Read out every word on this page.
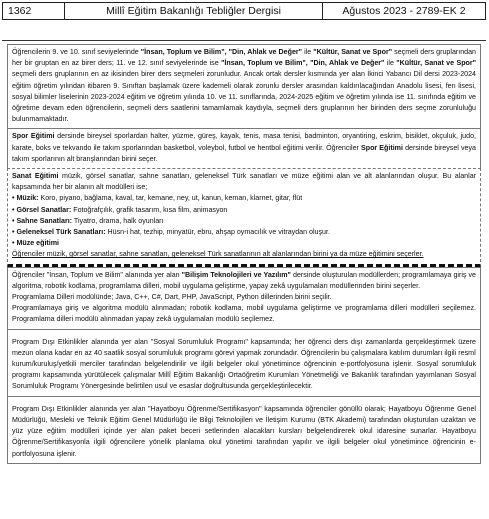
1362	Millî Eğitim Bakanlığı Tebliğler Dergisi	Ağustos 2023 - 2789-EK 2

Öğrencilerin 9. ve 10. sınıf seviyelerinde "İnsan, Toplum ve Bilim", "Din, Ahlak ve Değer" ile "Kültür, Sanat ve Spor" seçmeli ders gruplarından her bir gruptan en az birer ders; 11. ve 12. sınıf seviyelerinde ise "İnsan, Toplum ve Bilim", "Din, Ahlak ve Değer" ile "Kültür, Sanat ve Spor" seçmeli ders gruplarının en az ikisinden birer ders seçmeleri zorunludur. Ancak ortak dersler kısmında yer alan İkinci Yabancı Dil dersi 2023-2024 eğitim öğretim yılından itibaren 9. Sınıftan başlamak üzere kademeli olarak zorunlu dersler arasından kaldırılacağından Anadolu lisesi, fen lisesi, sosyal bilimler liselerinin 2023-2024 eğitim ve öğretim yılında 10. ve 11. sınıflarında, 2024-2025 eğitim ve öğretim yılında ise 11. sınıfında eğitim ve öğretime devam eden öğrencilerin, seçmeli ders saatlerini tamamlamak kaydıyla, seçmeli ders gruplarının her birinden ders seçme zorunluluğu bulunmamaktadır.

Spor Eğitimi dersinde bireysel sporlardan halter, yüzme, güreş, kayak, tenis, masa tenisi, badminton, oryantiring, eskrim, bisiklet, okçuluk, judo, karate, boks ve tekvando ile takım sporlarından basketbol, voleybol, futbol ve hentbol eğitimi verilir. Öğrenciler Spor Eğitimi dersinde bireysel veya takım sporlarının alt branşlarından birini seçer.

Sanat Eğitimi müzik, görsel sanatlar, sahne sanatları, geleneksel Türk sanatları ve müze eğitimi alan ve alt alanlarından oluşur. Bu alanlar kapsamında her bir alanın alt modülleri ise;

• Müzik: Koro, piyano, bağlama, kaval, tar, kemane, ney, ut, kanun, keman, klarnet, gitar, flüt
• Görsel Sanatlar: Fotoğrafçılık, grafik tasarım, kısa film, animasyon
• Sahne Sanatları: Tiyatro, drama, halk oyunları
• Geleneksel Türk Sanatları: Hüsn-i hat, tezhip, minyatür, ebru, ahşap oymacılık ve vitraydan oluşur.
• Müze eğitimi

Öğrenciler müzik, görsel sanatlar, sahne sanatları, geleneksel Türk sanatlarının alt alanlarından birini ya da müze eğitimini seçerler.

Öğrenciler "İnsan, Toplum ve Bilim" alanında yer alan "Bilişim Teknolojileri ve Yazılım" dersinde oluşturulan modüllerden; programlamaya giriş ve algoritma, robotik kodlama, programlama dilleri, mobil uygulama geliştirme, yapay zekâ uygulamaları modüllerinden birini seçerler.

Programlama Dilleri modülünde; Java, C++, C#, Dart, PHP, JavaScript, Python dillerinden birini seçilir.

Programlamaya giriş ve algoritma modülü alınmadan; robotik kodlama, mobil uygulama geliştirme ve programlama dilleri modülleri seçilemez. Programlama dilleri modülü alınmadan yapay zekâ uygulamaları modülü seçilemez.

Program Dışı Etkinlikler alanında yer alan "Sosyal Sorumluluk Programı" kapsamında; her öğrenci ders dışı zamanlarda gerçekleştirmek üzere mezun olana kadar en az 40 saatlik sosyal sorumluluk programı görevi yapmak zorundadır. Öğrencilerin bu çalışmalara katılım durumları ilgili resmî kurum/kuruluş/yetkili merciler tarafından belgelendirilir ve ilgili belgeler okul yönetimince öğrencinin e-portfolyosuna işlenir. Sosyal sorumluluk programı kapsamında yürütülecek çalışmalar Millî Eğitim Bakanlığı Ortaöğretim Kurumları Yönetmeliği ve Bakanlık tarafından yayımlanan Sosyal Sorumluluk Programı Yönergesinde belirtilen usul ve esaslar doğrultusunda gerçekleştirilecektir.

Program Dışı Etkinlikler alanında yer alan "Hayatboyu Öğrenme/Sertifikasyon" kapsamında öğrenciler gönüllü olarak; Hayatboyu Öğrenme Genel Müdürlüğü, Mesleki ve Teknik Eğitim Genel Müdürlüğü ile Bilgi Teknolojileri ve İletişim Kurumu (BTK Akademi) tarafından oluşturulan uzaktan ve yüz yüze eğitim modülleri içinde yer alan paket beceri setlerinden alacakları kursları belgelendirerek okul idaresine sunarlar. Hayatboyu Öğrenme/Sertifikasyonla ilgili öğrencilere yönelik planlama okul yönetimi tarafından yapılır ve ilgili belgeler okul yönetimince öğrencinin e-portfolyosuna işlenir.
